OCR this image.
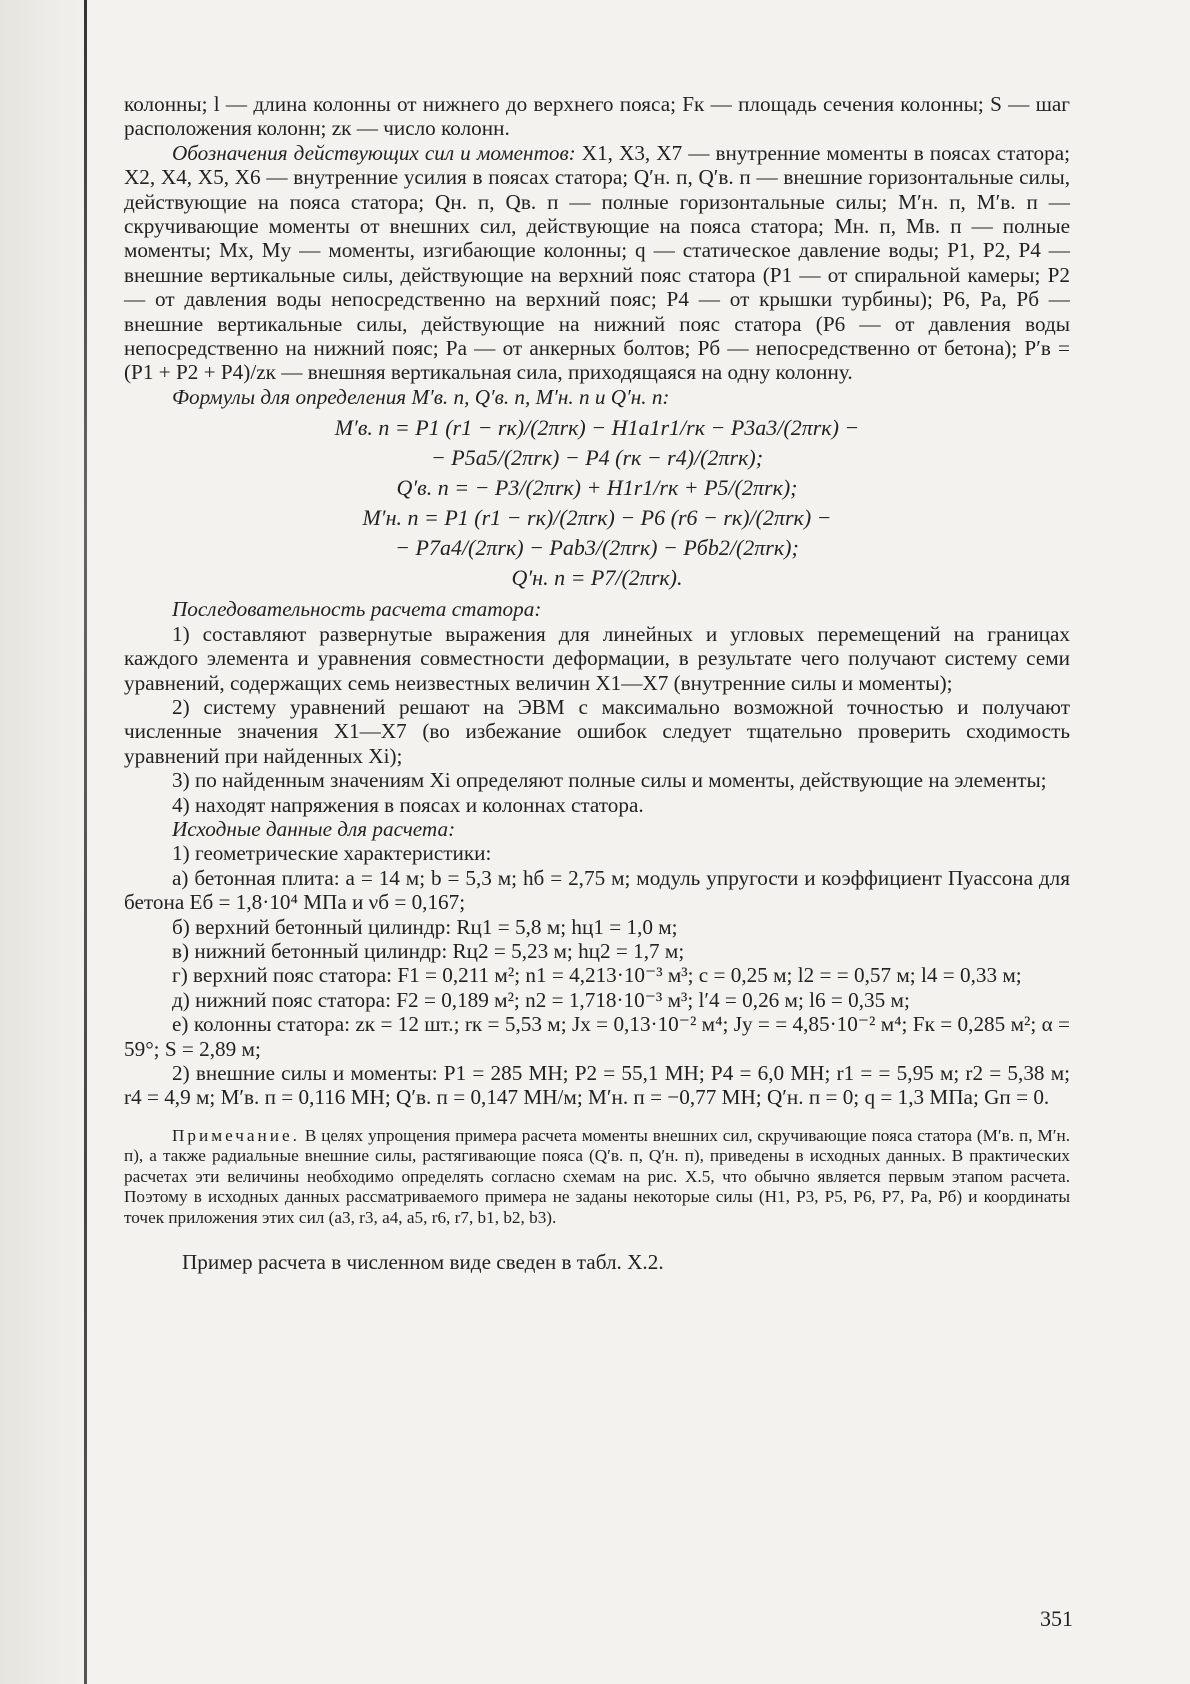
колонны; l — длина колонны от нижнего до верхнего пояса; Fк — площадь сечения колонны; S — шаг расположения колонн; zк — число колонн.

Обозначения действующих сил и моментов: X1, X3, X7 — внутренние моменты в поясах статора; X2, X4, X5, X6 — внутренние усилия в поясах статора; Q′н. п, Q′в. п — внешние горизонтальные силы, действующие на пояса статора; Qн. п, Qв. п — полные горизонтальные силы; M′н. п, M′в. п — скручивающие моменты от внешних сил, действующие на пояса статора; Mн. п, Mв. п — полные моменты; Mx, My — моменты, изгибающие колонны; q — статическое давление воды; P1, P2, P4 — внешние вертикальные силы, действующие на верхний пояс статора (P1 — от спиральной камеры; P2 — от давления воды непосредственно на верхний пояс; P4 — от крышки турбины); P6, Pа, Pб — внешние вертикальные силы, действующие на нижний пояс статора (P6 — от давления воды непосредственно на нижний пояс; Pа — от анкерных болтов; Pб — непосредственно от бетона); P′в = (P1 + P2 + P4)/zк — внешняя вертикальная сила, приходящаяся на одну колонну.

Формулы для определения M′в. п, Q′в. п, M′н. п и Q′н. п:

M′в. п = P1 (r1 − rк)/(2πrк) − H1a1r1/rк − P3a3/(2πrк) −
− P5a5/(2πrк) − P4 (rк − r4)/(2πrк);
Q′в. п = − P3/(2πrк) + H1r1/rк + P5/(2πrк);
M′н. п = P1 (r1 − rк)/(2πrк) − P6 (r6 − rк)/(2πrк) −
− P7a4/(2πrк) − Pab3/(2πrк) − Pбb2/(2πrк);
Q′н. п = P7/(2πrк).

Последовательность расчета статора:

1) составляют развернутые выражения для линейных и угловых перемещений на границах каждого элемента и уравнения совместности деформации, в результате чего получают систему семи уравнений, содержащих семь неизвестных величин X1—X7 (внутренние силы и моменты);

2) систему уравнений решают на ЭВМ с максимально возможной точностью и получают численные значения X1—X7 (во избежание ошибок следует тщательно проверить сходимость уравнений при найденных Xi);

3) по найденным значениям Xi определяют полные силы и моменты, действующие на элементы;

4) находят напряжения в поясах и колоннах статора.

Исходные данные для расчета:

1) геометрические характеристики:

а) бетонная плита: a = 14 м; b = 5,3 м; hб = 2,75 м; модуль упругости и коэффициент Пуассона для бетона Eб = 1,8·10⁴ МПа и νб = 0,167;

б) верхний бетонный цилиндр: Rц1 = 5,8 м; hц1 = 1,0 м;

в) нижний бетонный цилиндр: Rц2 = 5,23 м; hц2 = 1,7 м;

г) верхний пояс статора: F1 = 0,211 м²; n1 = 4,213·10⁻³ м³; c = 0,25 м; l2 = = 0,57 м; l4 = 0,33 м;

д) нижний пояс статора: F2 = 0,189 м²; n2 = 1,718·10⁻³ м³; l′4 = 0,26 м; l6 = 0,35 м;

е) колонны статора: zк = 12 шт.; rк = 5,53 м; Jx = 0,13·10⁻² м⁴; Jy = = 4,85·10⁻² м⁴; Fк = 0,285 м²; α = 59°; S = 2,89 м;

2) внешние силы и моменты: P1 = 285 МН; P2 = 55,1 МН; P4 = 6,0 МН; r1 = = 5,95 м; r2 = 5,38 м; r4 = 4,9 м; M′в. п = 0,116 МН; Q′в. п = 0,147 МН/м; M′н. п = −0,77 МН; Q′н. п = 0; q = 1,3 МПа; Gп = 0.

Примечание. В целях упрощения примера расчета моменты внешних сил, скручивающие пояса статора (M′в. п, M′н. п), а также радиальные внешние силы, растягивающие пояса (Q′в. п, Q′н. п), приведены в исходных данных. В практических расчетах эти величины необходимо определять согласно схемам на рис. X.5, что обычно является первым этапом расчета. Поэтому в исходных данных рассматриваемого примера не заданы некоторые силы (H1, P3, P5, P6, P7, Pа, Pб) и координаты точек приложения этих сил (a3, r3, a4, a5, r6, r7, b1, b2, b3).

Пример расчета в численном виде сведен в табл. X.2.

351
